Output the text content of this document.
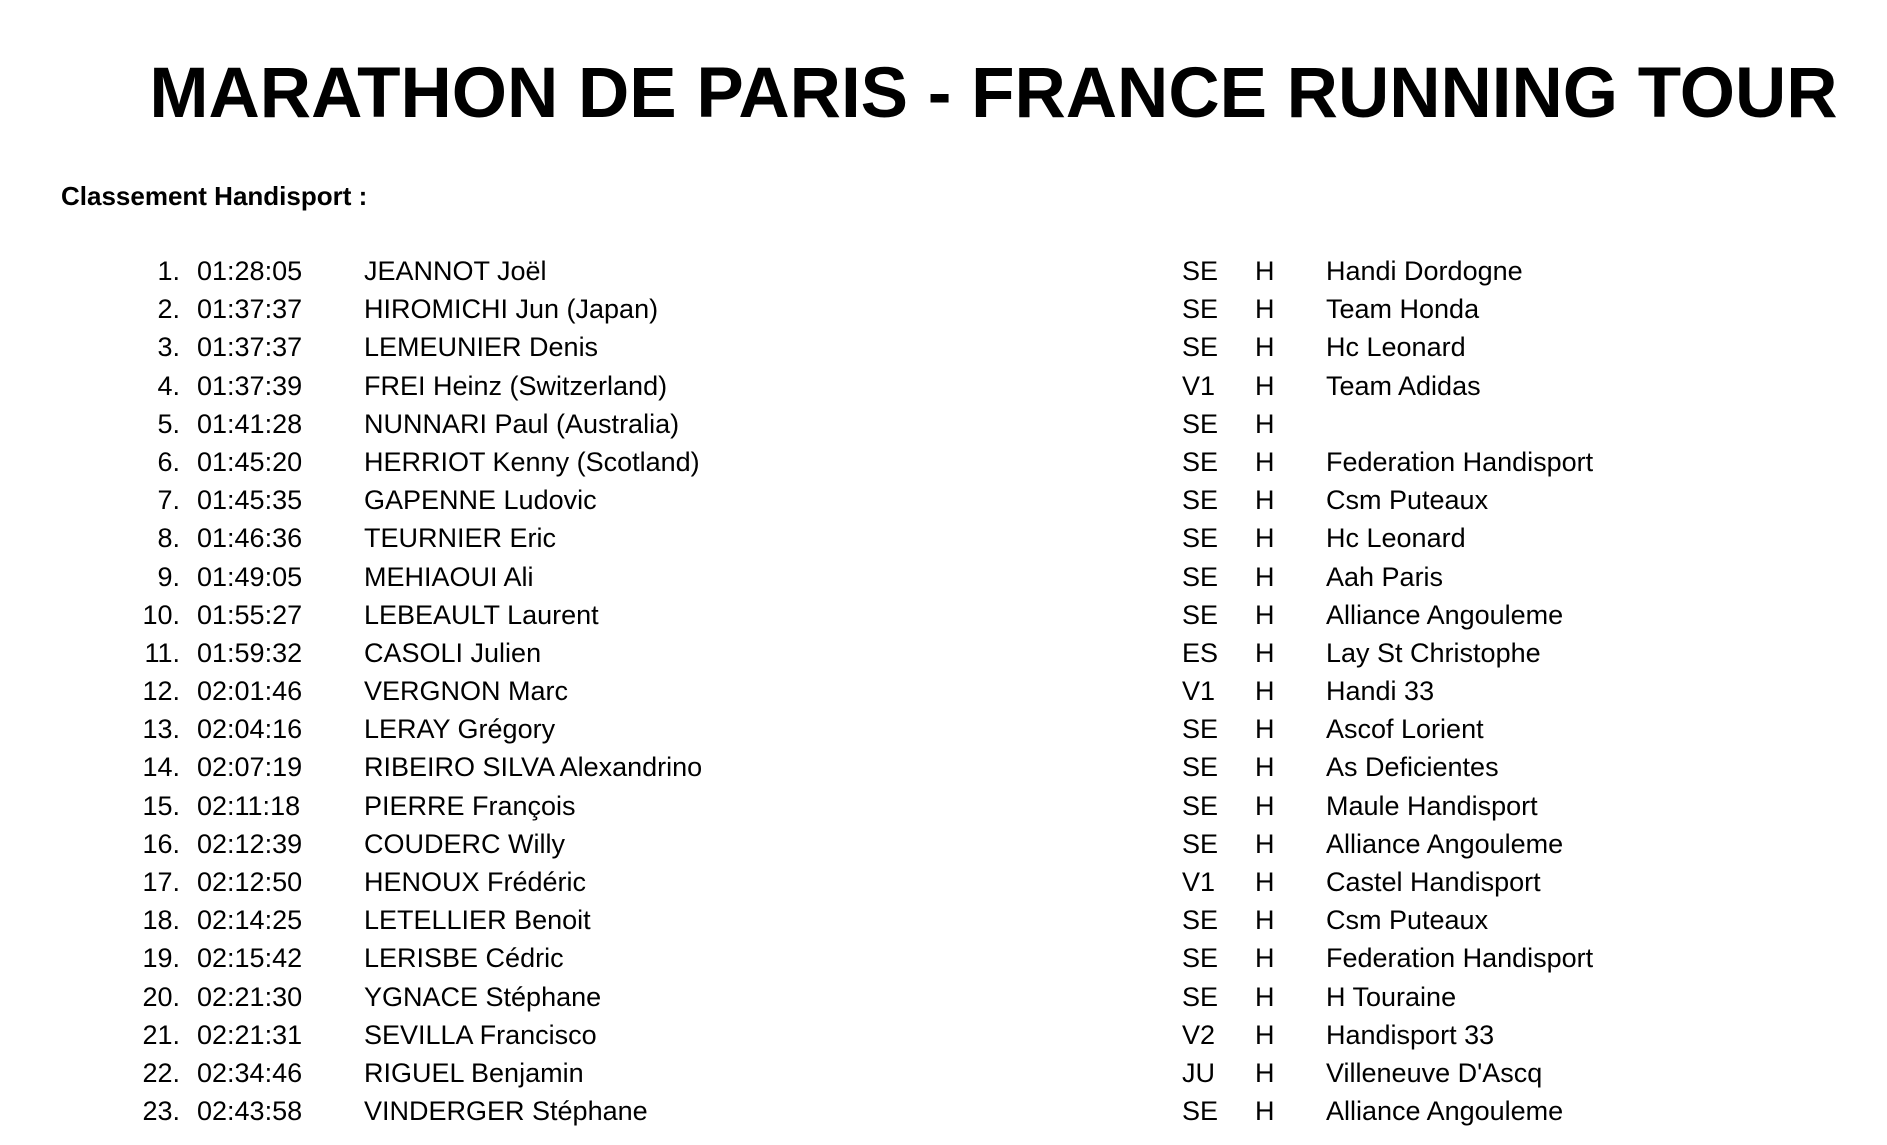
MARATHON DE PARIS - FRANCE RUNNING TOUR
Classement Handisport :
1. 01:28:05 JEANNOT Joël	SE H Handi Dordogne
2. 01:37:37 HIROMICHI Jun (Japan)	SE H Team Honda
3. 01:37:37 LEMEUNIER Denis	SE H Hc Leonard
4. 01:37:39 FREI Heinz (Switzerland)	V1 H Team Adidas
5. 01:41:28 NUNNARI Paul (Australia)	SE H
6. 01:45:20 HERRIOT Kenny (Scotland)	SE H Federation Handisport
7. 01:45:35 GAPENNE Ludovic	SE H Csm Puteaux
8. 01:46:36 TEURNIER Eric	SE H Hc Leonard
9. 01:49:05 MEHIAOUI Ali	SE H Aah Paris
10. 01:55:27 LEBEAULT Laurent	SE H Alliance Angouleme
11. 01:59:32 CASOLI Julien	ES H Lay St Christophe
12. 02:01:46 VERGNON Marc	V1 H Handi 33
13. 02:04:16 LERAY Grégory	SE H Ascof Lorient
14. 02:07:19 RIBEIRO SILVA Alexandrino	SE H As Deficientes
15. 02:11:18 PIERRE François	SE H Maule Handisport
16. 02:12:39 COUDERC Willy	SE H Alliance Angouleme
17. 02:12:50 HENOUX Frédéric	V1 H Castel Handisport
18. 02:14:25 LETELLIER Benoit	SE H Csm Puteaux
19. 02:15:42 LERISBE Cédric	SE H Federation Handisport
20. 02:21:30 YGNACE Stéphane	SE H H Touraine
21. 02:21:31 SEVILLA Francisco	V2 H Handisport 33
22. 02:34:46 RIGUEL Benjamin	JU H Villeneuve D'Ascq
23. 02:43:58 VINDERGER Stéphane	SE H Alliance Angouleme
